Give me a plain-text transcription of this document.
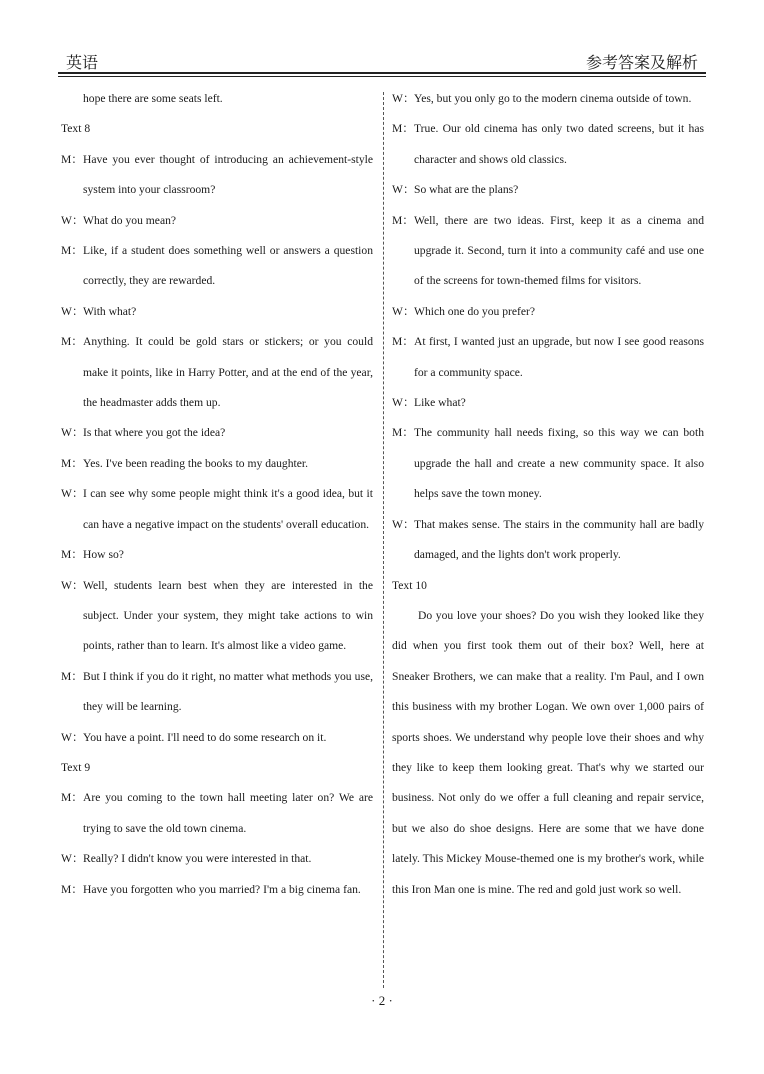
英语	参考答案及解析

hope there are some seats left.

Text 8

M：Have you ever thought of introducing an achievement-style system into your classroom?

W：What do you mean?

M：Like, if a student does something well or answers a question correctly, they are rewarded.

W：With what?

M：Anything. It could be gold stars or stickers; or you could make it points, like in Harry Potter, and at the end of the year, the headmaster adds them up.

W：Is that where you got the idea?

M：Yes. I've been reading the books to my daughter.

W：I can see why some people might think it's a good idea, but it can have a negative impact on the students' overall education.

M：How so?

W：Well, students learn best when they are interested in the subject. Under your system, they might take actions to win points, rather than to learn. It's almost like a video game.

M：But I think if you do it right, no matter what methods you use, they will be learning.

W：You have a point. I'll need to do some research on it.

Text 9

M：Are you coming to the town hall meeting later on? We are trying to save the old town cinema.

W：Really? I didn't know you were interested in that.

M：Have you forgotten who you married? I'm a big cinema fan.

W：Yes, but you only go to the modern cinema outside of town.

M：True. Our old cinema has only two dated screens, but it has character and shows old classics.

W：So what are the plans?

M：Well, there are two ideas. First, keep it as a cinema and upgrade it. Second, turn it into a community café and use one of the screens for town-themed films for visitors.

W：Which one do you prefer?

M：At first, I wanted just an upgrade, but now I see good reasons for a community space.

W：Like what?

M：The community hall needs fixing, so this way we can both upgrade the hall and create a new community space. It also helps save the town money.

W：That makes sense. The stairs in the community hall are badly damaged, and the lights don't work properly.

Text 10

Do you love your shoes? Do you wish they looked like they did when you first took them out of their box? Well, here at Sneaker Brothers, we can make that a reality. I'm Paul, and I own this business with my brother Logan. We own over 1,000 pairs of sports shoes. We understand why people love their shoes and why they like to keep them looking great. That's why we started our business. Not only do we offer a full cleaning and repair service, but we also do shoe designs. Here are some that we have done lately. This Mickey Mouse-themed one is my brother's work, while this Iron Man one is mine. The red and gold just work so well.

· 2 ·
